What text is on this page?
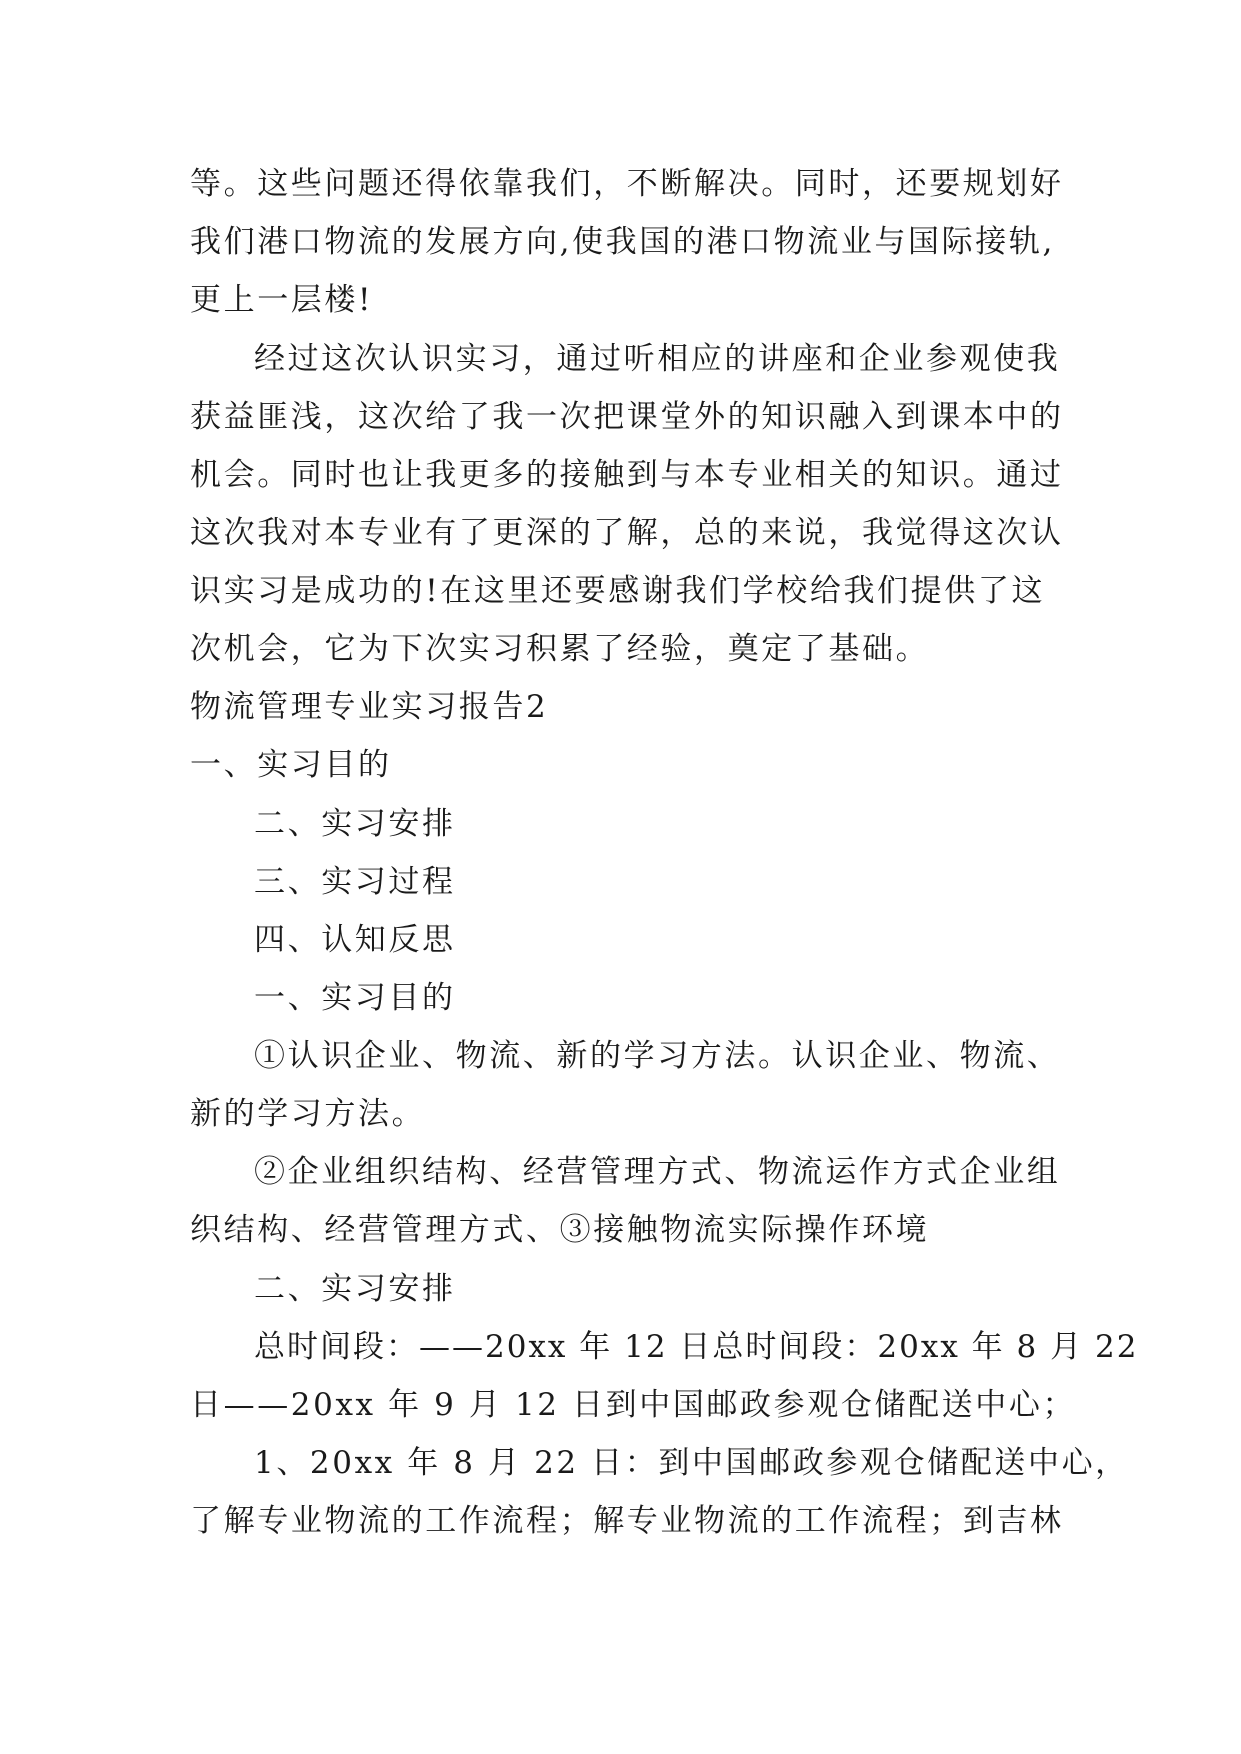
等。这些问题还得依靠我们，不断解决。同时，还要规划好
我们港口物流的发展方向,使我国的港口物流业与国际接轨,
更上一层楼!
经过这次认识实习，通过听相应的讲座和企业参观使我
获益匪浅，这次给了我一次把课堂外的知识融入到课本中的
机会。同时也让我更多的接触到与本专业相关的知识。通过
这次我对本专业有了更深的了解，总的来说，我觉得这次认
识实习是成功的!在这里还要感谢我们学校给我们提供了这
次机会，它为下次实习积累了经验，奠定了基础。
物流管理专业实习报告2
一、实习目的
二、实习安排
三、实习过程
四、认知反思
一、实习目的
①认识企业、物流、新的学习方法。认识企业、物流、
新的学习方法。
②企业组织结构、经营管理方式、物流运作方式企业组
织结构、经营管理方式、③接触物流实际操作环境
二、实习安排
总时间段：——20xx 年 12 日总时间段：20xx 年 8 月 22
日——20xx 年 9 月 12 日到中国邮政参观仓储配送中心；
1、20xx 年 8 月 22 日：到中国邮政参观仓储配送中心，
了解专业物流的工作流程；解专业物流的工作流程；到吉林
